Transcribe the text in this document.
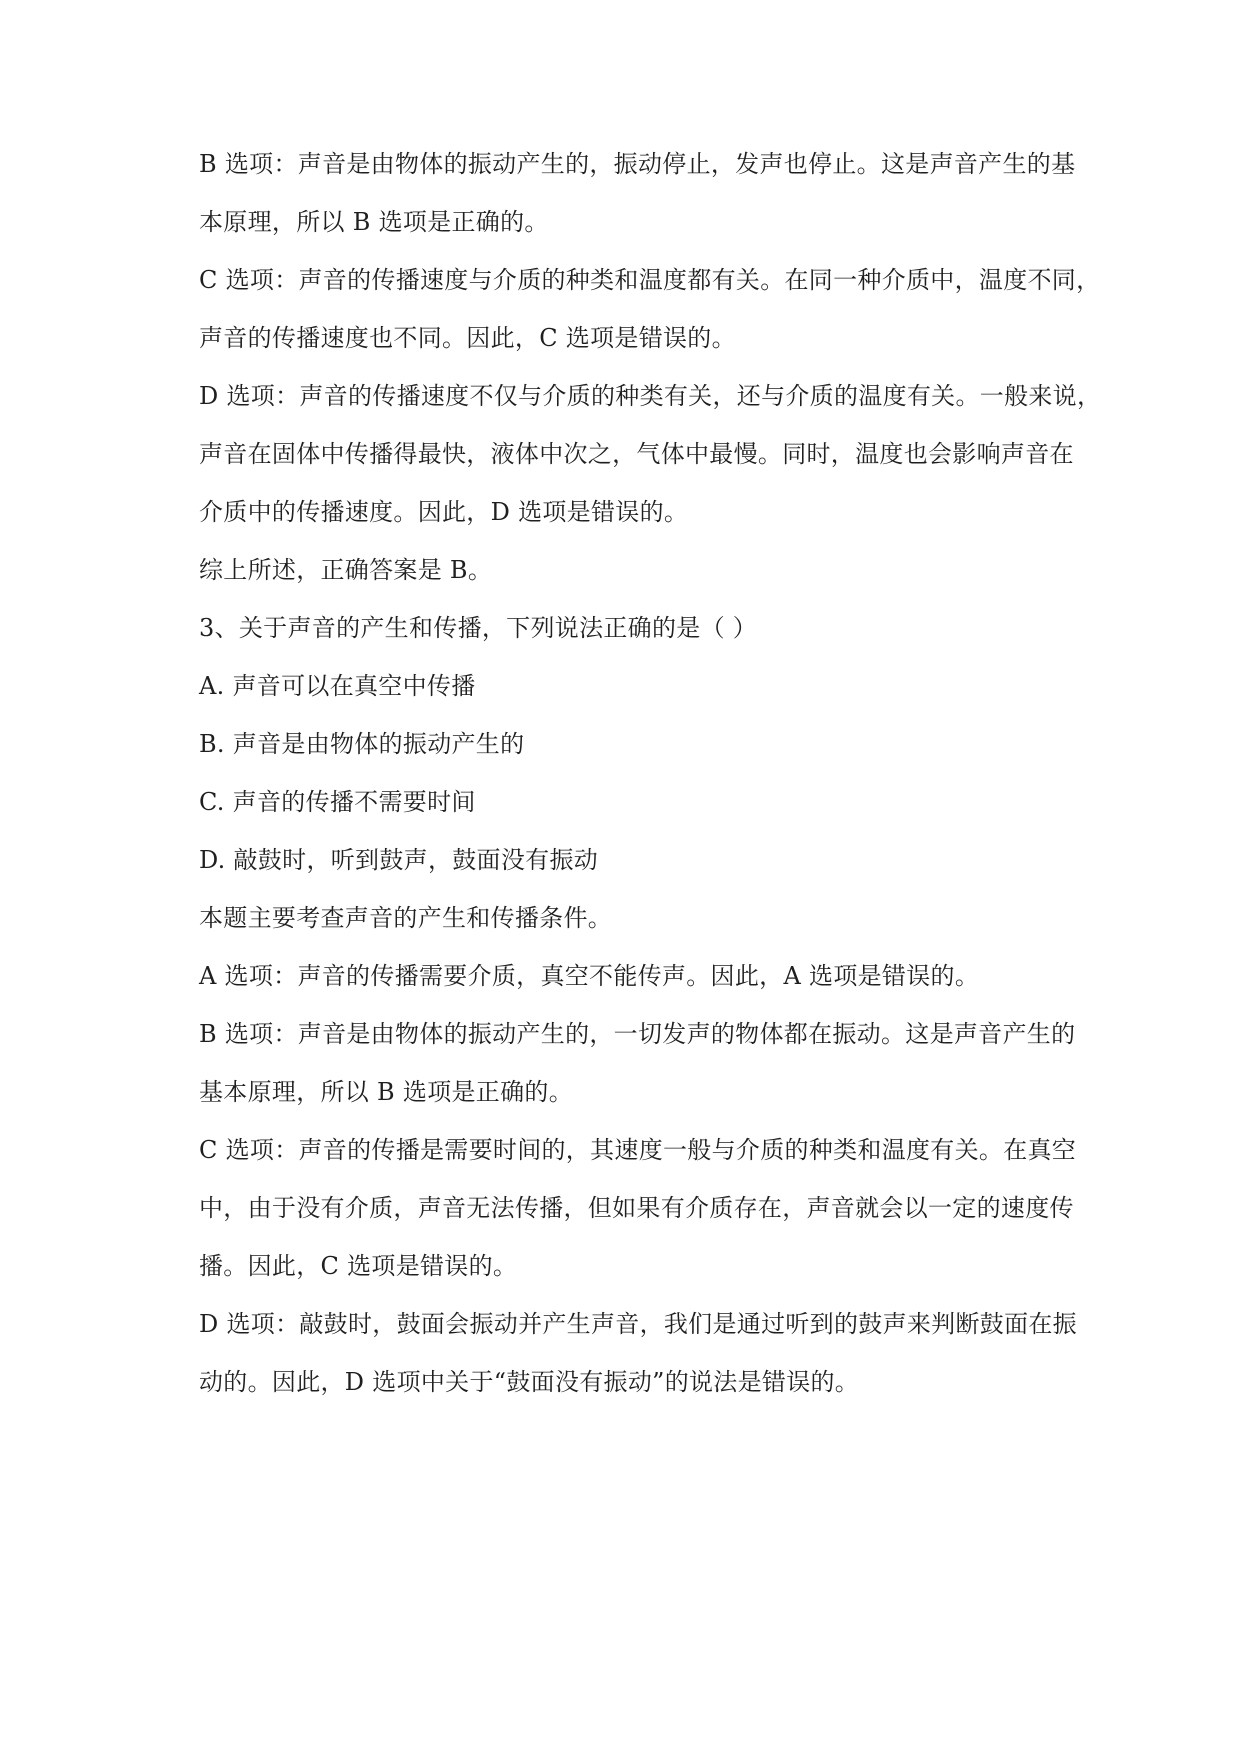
B 选项：声音是由物体的振动产生的，振动停止，发声也停止。这是声音产生的基
本原理，所以 B 选项是正确的。
C 选项：声音的传播速度与介质的种类和温度都有关。在同一种介质中，温度不同，
声音的传播速度也不同。因此，C 选项是错误的。
D 选项：声音的传播速度不仅与介质的种类有关，还与介质的温度有关。一般来说，
声音在固体中传播得最快，液体中次之，气体中最慢。同时，温度也会影响声音在
介质中的传播速度。因此，D 选项是错误的。
综上所述，正确答案是 B。
3、关于声音的产生和传播，下列说法正确的是（ ）
A. 声音可以在真空中传播
B. 声音是由物体的振动产生的
C. 声音的传播不需要时间
D. 敲鼓时，听到鼓声，鼓面没有振动
本题主要考查声音的产生和传播条件。
A 选项：声音的传播需要介质，真空不能传声。因此，A 选项是错误的。
B 选项：声音是由物体的振动产生的，一切发声的物体都在振动。这是声音产生的
基本原理，所以 B 选项是正确的。
C 选项：声音的传播是需要时间的，其速度一般与介质的种类和温度有关。在真空
中，由于没有介质，声音无法传播，但如果有介质存在，声音就会以一定的速度传
播。因此，C 选项是错误的。
D 选项：敲鼓时，鼓面会振动并产生声音，我们是通过听到的鼓声来判断鼓面在振
动的。因此，D 选项中关于“鼓面没有振动”的说法是错误的。
